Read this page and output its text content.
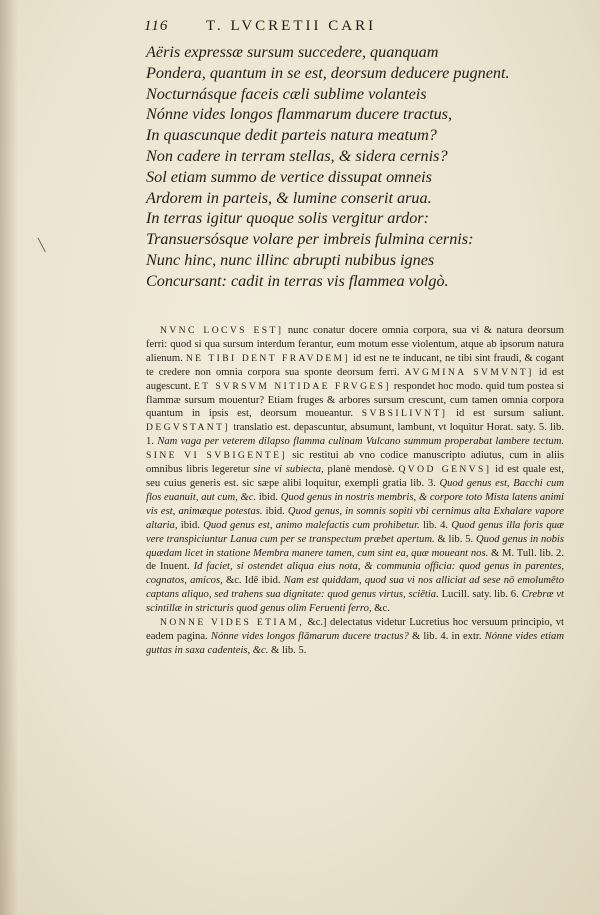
116	T. LVCRETII CARI
╲
Aëris expressæ sursum succedere, quanquam
Pondera, quantum in se est, deorsum deducere pugnent.
Nocturnásque faceis cæli sublime volanteis
Nónne vides longos flammarum ducere tractus,
In quascunque dedit parteis natura meatum?
Non cadere in terram stellas, & sidera cernis?
Sol etiam summo de vertice dissupat omneis
Ardorem in parteis, & lumine conserit arua.
In terras igitur quoque solis vergitur ardor:
Transuersósque volare per imbreis fulmina cernis:
Nunc hinc, nunc illinc abrupti nubibus ignes
Concursant: cadit in terras vis flammea volgò.

NVNC LOCVS EST] nunc conatur docere omnia corpora, sua vi & natura deorsum ferri: quod si qua sursum interdum ferantur, eum motum esse violentum, atque ab ipsorum natura alienum. NE TIBI DENT FRAVDEM] id est ne te inducant, ne tibi sint fraudi, & cogant te credere non omnia corpora sua sponte deorsum ferri. AVGMINA SVMVNT] id est augescunt. ET SVRSVM NITIDAE FRVGES] respondet hoc modo. quid tum postea si flammæ sursum mouentur? Etiam fruges & arbores sursum crescunt, cum tamen omnia corpora quantum in ipsis est, deorsum moueantur. SVBSILIVNT] id est sursum saliunt. DEGVSTANT] translatio est. depascuntur, absumunt, lambunt, vt loquitur Horat. saty. 5. lib. 1. Nam vaga per veterem dilapso flamma culinam Vulcano summum properabat lambere tectum. SINE VI SVBIGENTE] sic restitui ab vno codice manuscripto adiutus, cum in aliis omnibus libris legeretur sine vi subiecta, planè mendosè. QVOD GENVS] id est quale est, seu cuius generis est. sic sæpe alibi loquitur, exempli gratia lib. 3. Quod genus est, Bacchi cum flos euanuit, aut cum, &c. ibid. Quod genus in nostris membris, & corpore toto Mista latens animi vis est, animæque potestas. ibid. Quod genus, in somnis sopiti vbi cernimus alta Exhalare vapore altaria, ibid. Quod genus est, animo malefactis cum prohibetur. lib. 4. Quod genus illa foris quæ vere transpiciuntur Lanua cum per se transpectum præbet apertum. & lib. 5. Quod genus in nobis quædam licet in statione Membra manere tamen, cum sint ea, quæ moueant nos. & M. Tull. lib. 2. de Inuent. Id faciet, si ostendet aliqua eius nota, & communia officia: quod genus in parentes, cognatos, amicos, &c. Idē ibid. Nam est quiddam, quod sua vi nos alliciat ad sese nō emolumēto captans aliquo, sed trahens sua dignitate: quod genus virtus, sciētia. Lucill. saty. lib. 6. Crebræ vt scintillæ in stricturis quod genus olim Feruenti ferro, &c.

NONNE VIDES ETIAM, &c.] delectatus videtur Lucretius hoc versuum principio, vt eadem pagina. Nónne vides longos flāmarum ducere tractus? & lib. 4. in extr. Nónne vides etiam guttas in saxa cadenteis, &c. & lib. 5.
